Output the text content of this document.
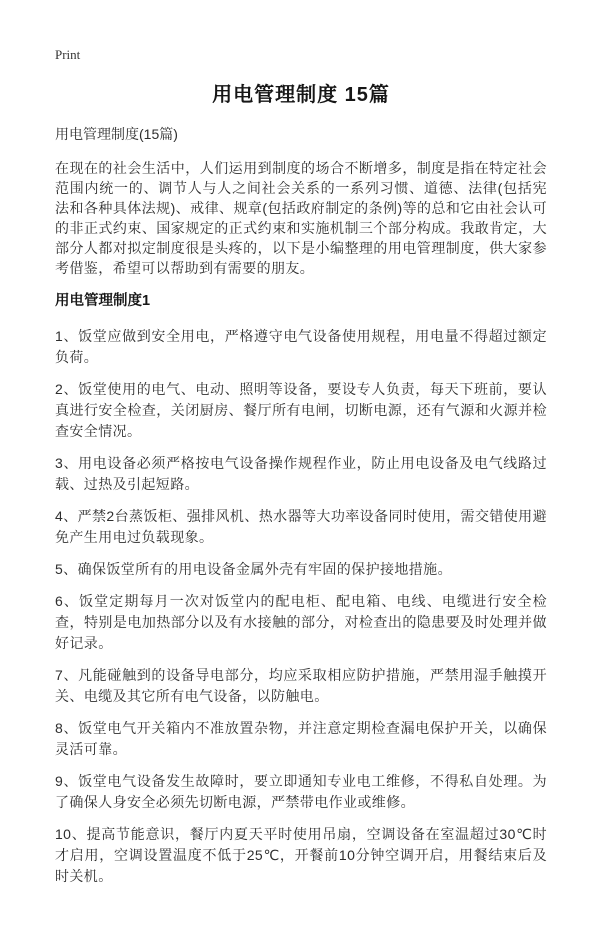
Print
用电管理制度 15篇
用电管理制度(15篇)

在现在的社会生活中，人们运用到制度的场合不断增多，制度是指在特定社会范围内统一的、调节人与人之间社会关系的一系列习惯、道德、法律(包括宪法和各种具体法规)、戒律、规章(包括政府制定的条例)等的总和它由社会认可的非正式约束、国家规定的正式约束和实施机制三个部分构成。我敢肯定，大部分人都对拟定制度很是头疼的，以下是小编整理的用电管理制度，供大家参考借鉴，希望可以帮助到有需要的朋友。

用电管理制度1

1、饭堂应做到安全用电，严格遵守电气设备使用规程，用电量不得超过额定负荷。

2、饭堂使用的电气、电动、照明等设备，要设专人负责，每天下班前，要认真进行安全检查，关闭厨房、餐厅所有电闸，切断电源，还有气源和火源并检查安全情况。

3、用电设备必须严格按电气设备操作规程作业，防止用电设备及电气线路过载、过热及引起短路。

4、严禁2台蒸饭柜、强排风机、热水器等大功率设备同时使用，需交错使用避免产生用电过负载现象。

5、确保饭堂所有的用电设备金属外壳有牢固的保护接地措施。

6、饭堂定期每月一次对饭堂内的配电柜、配电箱、电线、电缆进行安全检查，特别是电加热部分以及有水接触的部分，对检查出的隐患要及时处理并做好记录。

7、凡能碰触到的设备导电部分，均应采取相应防护措施，严禁用湿手触摸开关、电缆及其它所有电气设备，以防触电。

8、饭堂电气开关箱内不准放置杂物，并注意定期检查漏电保护开关，以确保灵活可靠。

9、饭堂电气设备发生故障时，要立即通知专业电工维修，不得私自处理。为了确保人身安全必须先切断电源，严禁带电作业或维修。

10、提高节能意识，餐厅内夏天平时使用吊扇，空调设备在室温超过30℃时才启用，空调设置温度不低于25℃，开餐前10分钟空调开启，用餐结束后及时关机。
